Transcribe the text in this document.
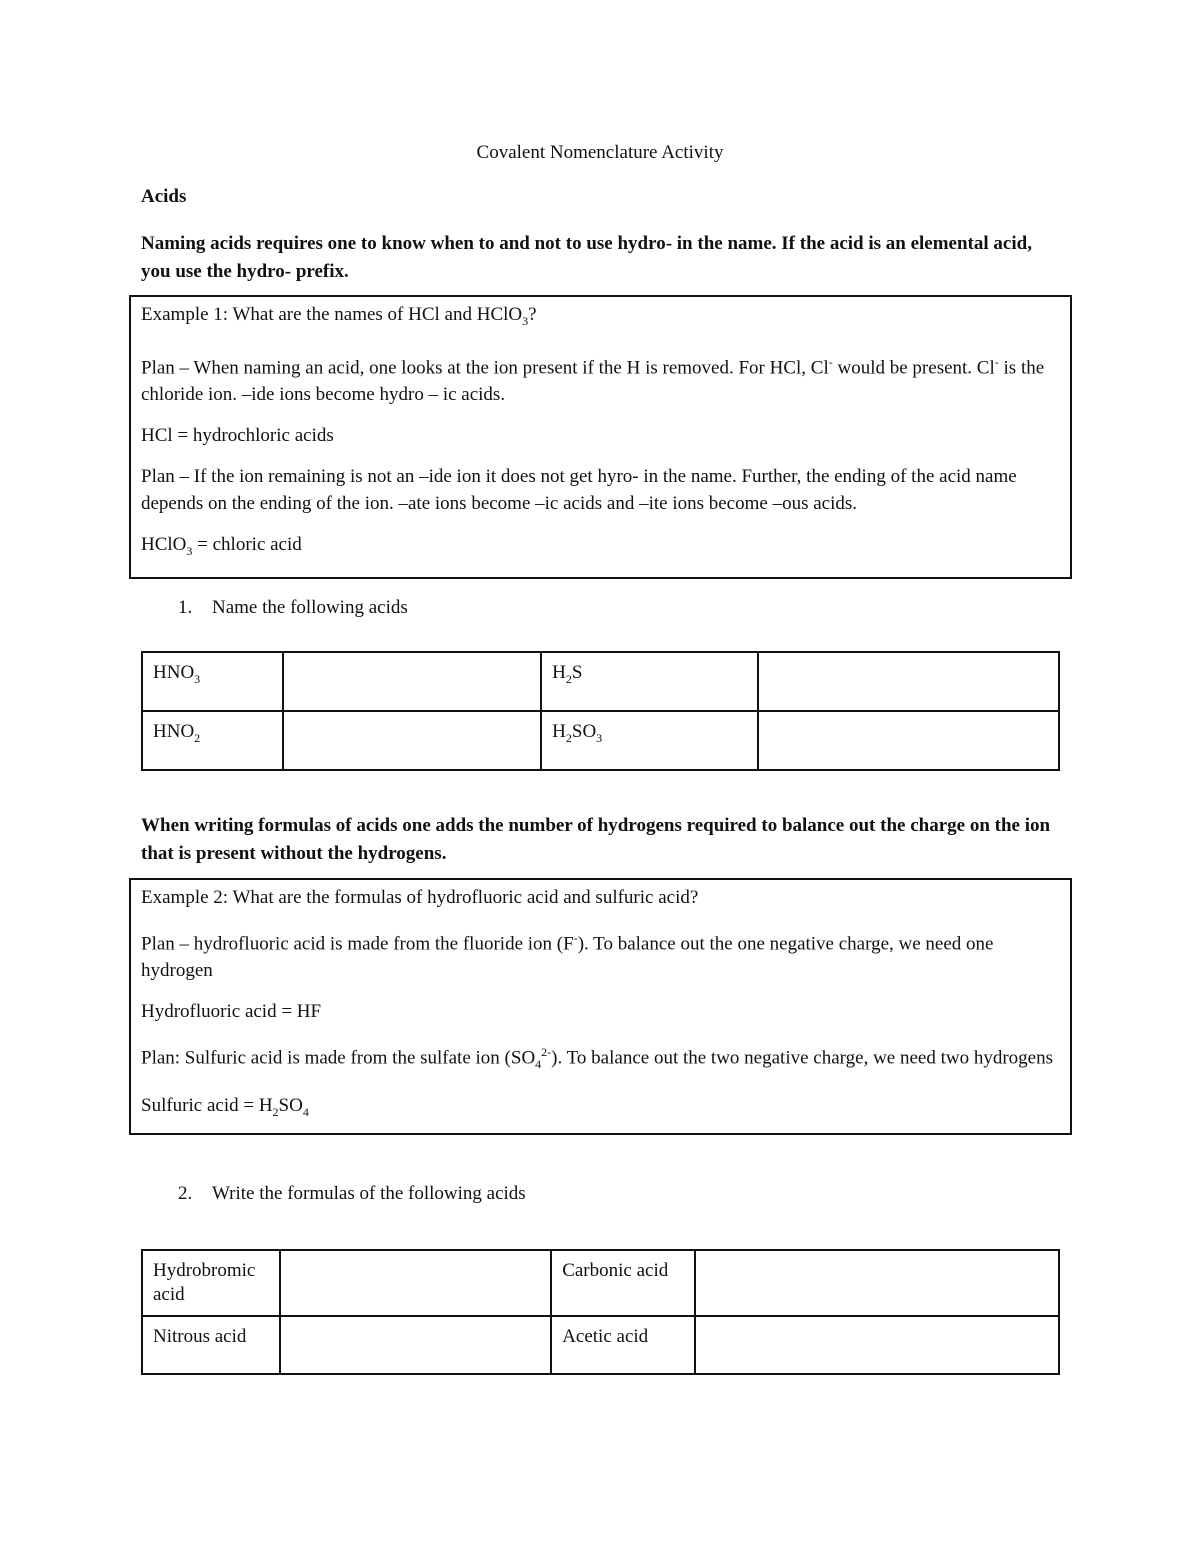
Covalent Nomenclature Activity
Acids
Naming acids requires one to know when to and not to use hydro- in the name. If the acid is an elemental acid, you use the hydro- prefix.

Example 1: What are the names of HCl and HClO$_3$?

Plan – When naming an acid, one looks at the ion present if the H is removed. For HCl, Cl- would be present. Cl- is the chloride ion. –ide ions become hydro – ic acids.

HCl = hydrochloric acids

Plan – If the ion remaining is not an –ide ion it does not get hyro- in the name. Further, the ending of the acid name depends on the ending of the ion. –ate ions become –ic acids and –ite ions become –ous acids.

HClO$_3$ = chloric acid

1. Name the following acids
$HNO_3$		$H_2S$	
$HNO_2$		$H_2SO_3$	
When writing formulas of acids one adds the number of hydrogens required to balance out the charge on the ion that is present without the hydrogens.

Example 2: What are the formulas of hydrofluoric acid and sulfuric acid?

Plan – hydrofluoric acid is made from the fluoride ion (F-). To balance out the one negative charge, we need one hydrogen

Hydrofluoric acid = HF

Plan: Sulfuric acid is made from the sulfate ion $(SO_4^{2-})$. To balance out the two negative charge, we need two hydrogens

Sulfuric acid = $H_2SO_4$

2. Write the formulas of the following acids
Hydrobromic acid		Carbonic acid	
Nitrous acid		Acetic acid	
